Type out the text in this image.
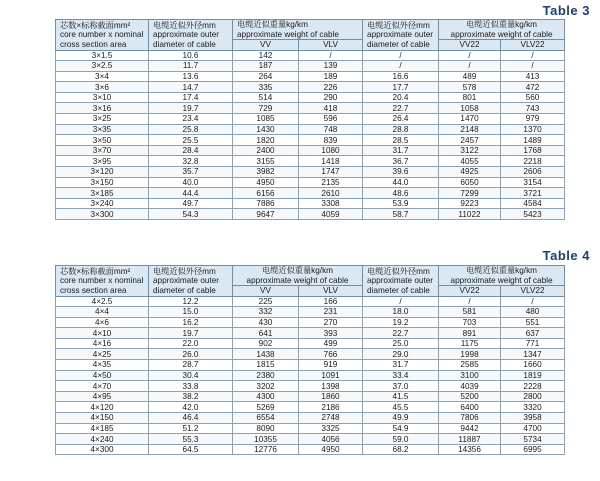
Table 3
芯数×标称截面mm²
core number x nominal
cross section area	电缆近似外径mm
approximate outer
diameter of cable	电缆近似重量kg/km
approximate weight of cable		电缆近似外径mm
approximate outer
diameter of cable	电缆近似重量kg/km
approximate weight of cable	

		VV	VLV		VV22	VLV22
3×1.5	10.6	142	/	/	/	/
3×2.5	11.7	187	139	/	/	/
3×4	13.6	264	189	16.6	489	413
3×6	14.7	335	226	17.7	578	472
3×10	17.4	514	290	20.4	801	560
3×16	19.7	729	418	22.7	1058	743
3×25	23.4	1085	596	26.4	1470	979
3×35	25.8	1430	748	28.8	2148	1370
3×50	25.5	1820	839	28.5	2457	1489
3×70	28.4	2400	1080	31.7	3122	1768
3×95	32.8	3155	1418	36.7	4055	2218
3×120	35.7	3982	1747	39.6	4925	2606
3×150	40.0	4950	2135	44.0	6050	3154
3×185	44.4	6156	2610	48.6	7299	3721
3×240	49.7	7886	3308	53.9	9223	4584
3×300	54.3	9647	4059	58.7	11022	5423
Table 4
芯数×标称截面mm²
core number x nominal
cross section area	电缆近似外径mm
approximate outer
diameter of cable	电缆近似重量kg/km
approximate weight of cable		电缆近似外径mm
approximate outer
diameter of cable	电缆近似重量kg/km
approximate weight of cable	

		VV	VLV		VV22	VLV22
4×2.5	12.2	225	166	/	/	/
4×4	15.0	332	231	18.0	581	480
4×6	16.2	430	270	19.2	703	551
4×10	19.7	641	393	22.7	891	637
4×16	22.0	902	499	25.0	1175	771
4×25	26.0	1438	766	29.0	1998	1347
4×35	28.7	1815	919	31.7	2585	1660
4×50	30.4	2380	1091	33.4	3100	1819
4×70	33.8	3202	1398	37.0	4039	2228
4×95	38.2	4300	1860	41.5	5200	2800
4×120	42.0	5269	2186	45.5	6400	3320
4×150	46.4	6554	2748	49.9	7806	3958
4×185	51.2	8090	3325	54.9	9442	4700
4×240	55.3	10355	4056	59.0	11887	5734
4×300	64.5	12776	4950	68.2	14356	6995
